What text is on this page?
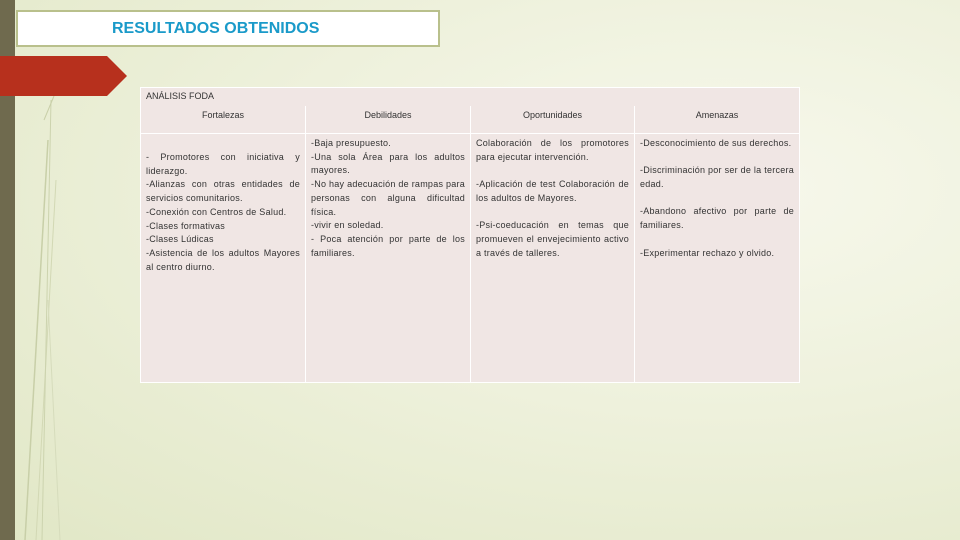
RESULTADOS OBTENIDOS
ANÁLISIS FODA
Fortalezas
- Promotores con iniciativa y liderazgo.
-Alianzas con otras entidades de servicios comunitarios.
-Conexión con Centros de Salud.
-Clases formativas
-Clases Lúdicas
-Asistencia de los adultos Mayores al centro diurno.
Debilidades
-Baja presupuesto.
-Una sola Área para los adultos mayores.
-No hay adecuación de rampas para personas con alguna dificultad física.
-vivir en soledad.
- Poca atención por parte de los familiares.
Oportunidades
Colaboración de los promotores para ejecutar intervención.
-Aplicación de test Colaboración de los adultos de Mayores.
-Psi-coeducación en temas que promueven el envejecimiento activo a través de talleres.
Amenazas
-Desconocimiento de sus derechos.
-Discriminación por ser de la tercera edad.
-Abandono afectivo por parte de familiares.
-Experimentar rechazo y olvido.
